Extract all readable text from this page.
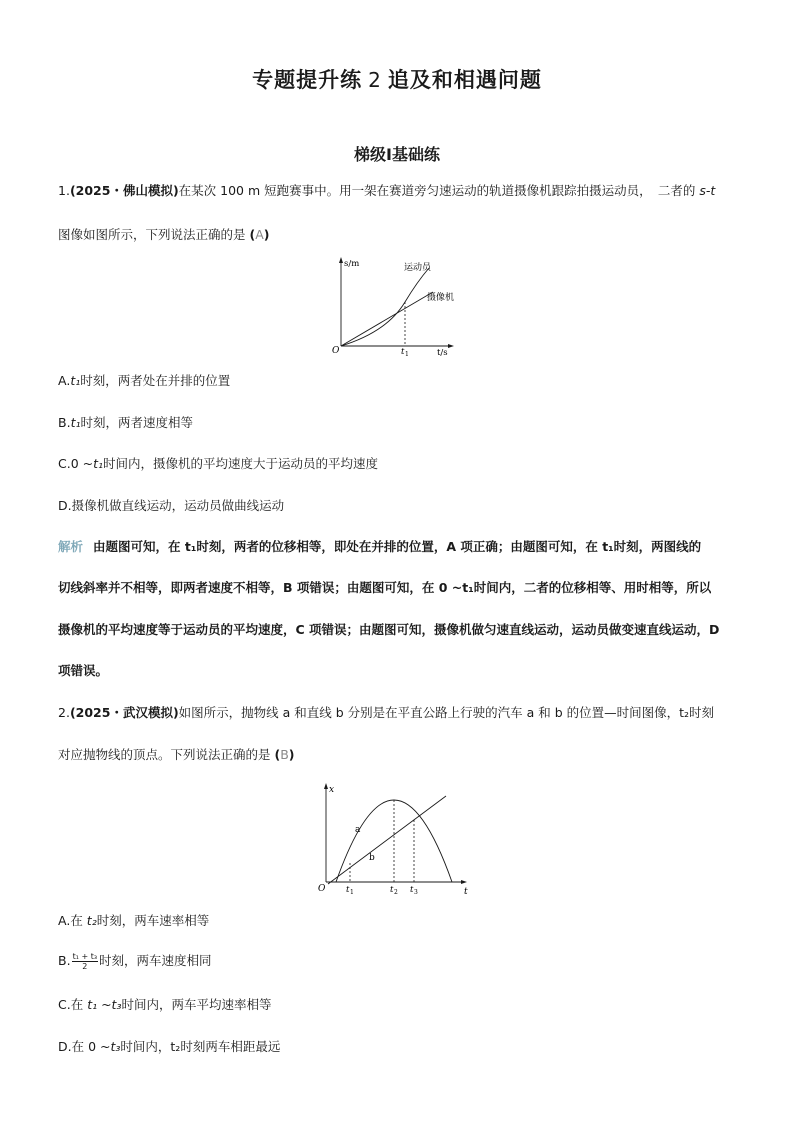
专题提升练 2 追及和相遇问题
梯级Ⅰ基础练
1.(2025・佛山模拟)在某次 100 m 短跑赛事中。用一架在赛道旁匀速运动的轨道摄像机跟踪拍摄运动员，　二者的 s-t
图像如图所示，下列说法正确的是 (A)
s/m
t/s
O	t 1
运动员
摄像机
A.t₁时刻，两者处在并排的位置
B.t₁时刻，两者速度相等
C.0 ~t₁时间内，摄像机的平均速度大于运动员的平均速度
D.摄像机做直线运动，运动员做曲线运动
解析 由题图可知，在 t₁时刻，两者的位移相等，即处在并排的位置，A 项正确；由题图可知，在 t₁时刻，两图线的
切线斜率并不相等，即两者速度不相等，B 项错误；由题图可知，在 0 ~t₁时间内，二者的位移相等、用时相等，所以
摄像机的平均速度等于运动员的平均速度，C 项错误；由题图可知，摄像机做匀速直线运动，运动员做变速直线运动，D
项错误。
2.(2025・武汉模拟)如图所示，抛物线 a 和直线 b 分别是在平直公路上行驶的汽车 a 和 b 的位置—时间图像，t₂时刻
对应抛物线的顶点。下列说法正确的是 (B)
x
t
O
a
b
t 1	t 2 t 3
A.在 t₂时刻，两车速率相等
B. $\frac{\text{t₁ + t₃}}{2}$ 时刻，两车速度相同
C.在 t₁ ~t₃时间内，两车平均速率相等
D.在 0 ~t₃时间内，t₂时刻两车相距最远
